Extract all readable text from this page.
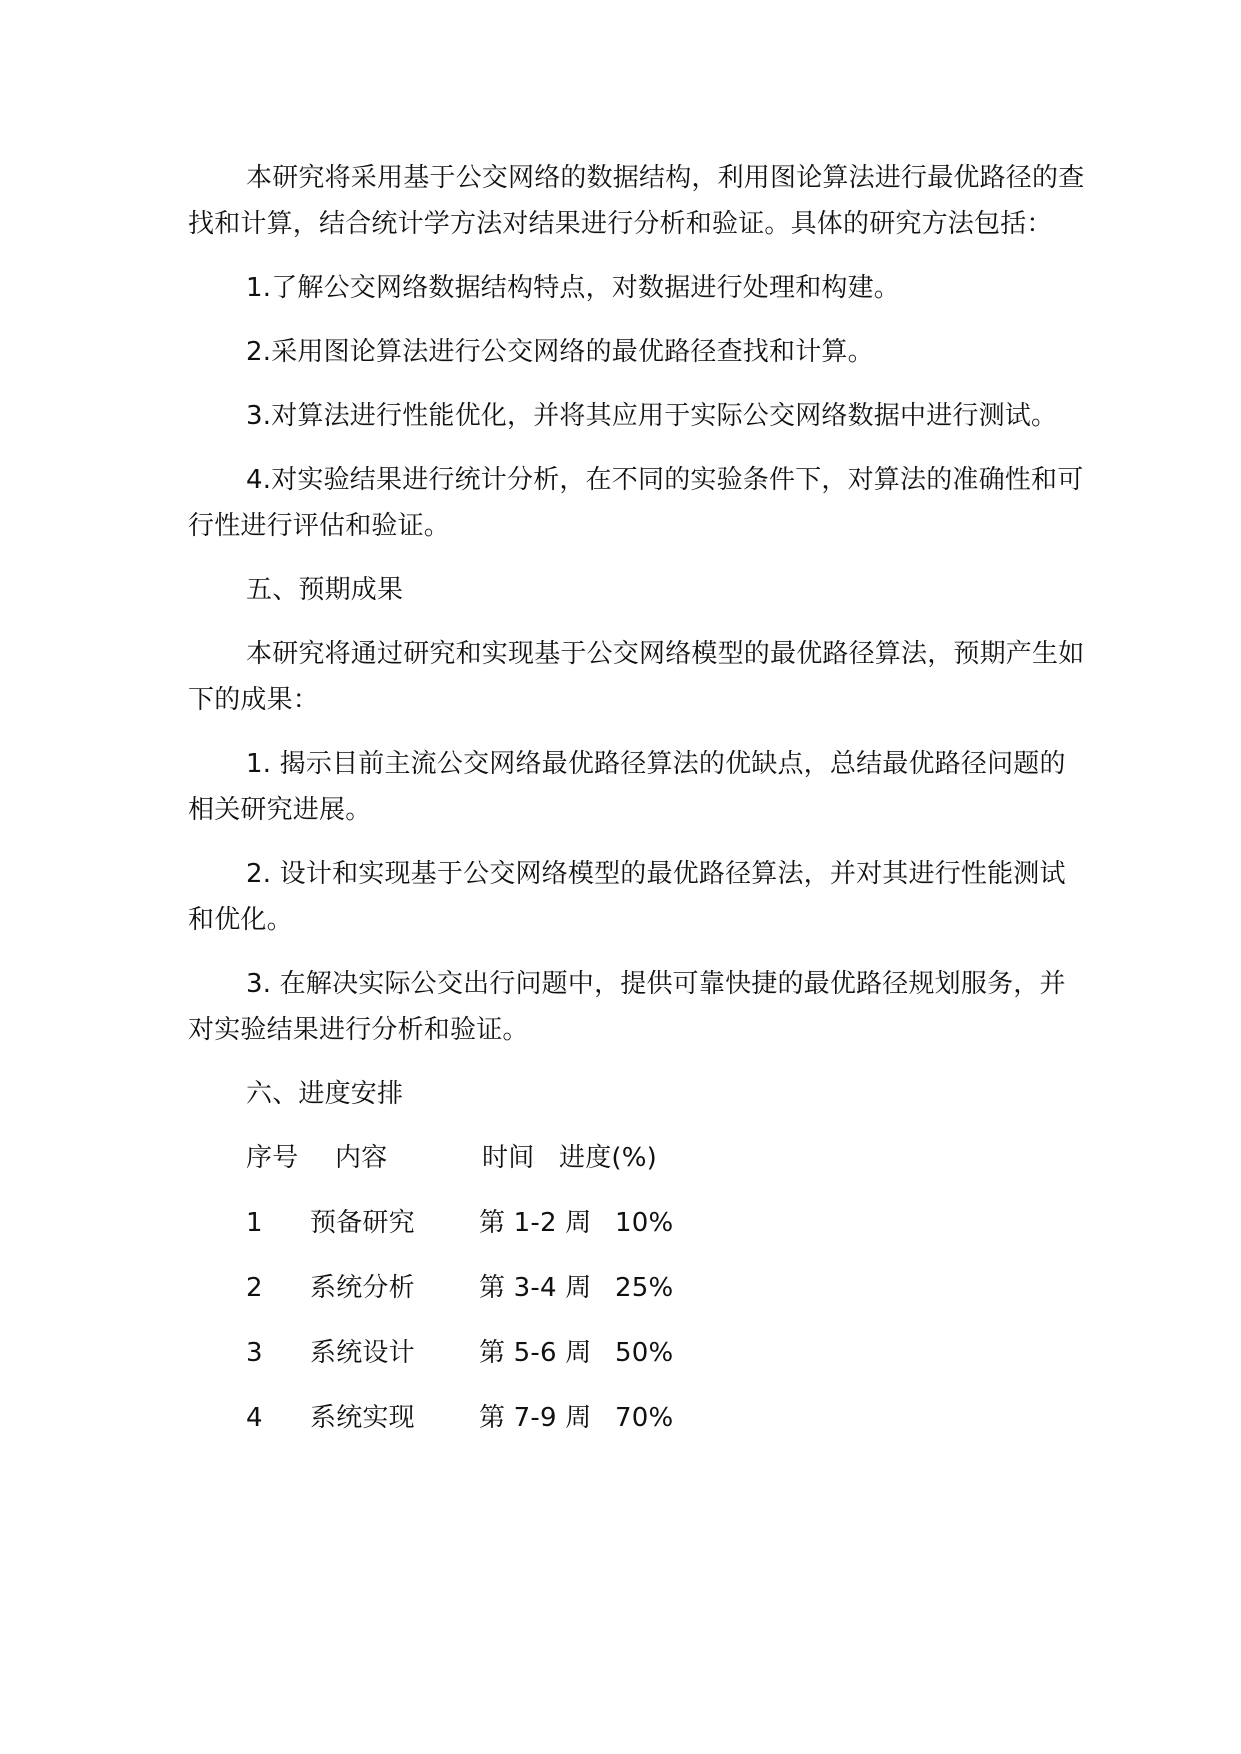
本研究将采用基于公交网络的数据结构，利用图论算法进行最优路径的查找和计算，结合统计学方法对结果进行分析和验证。具体的研究方法包括：

1.了解公交网络数据结构特点，对数据进行处理和构建。

2.采用图论算法进行公交网络的最优路径查找和计算。

3.对算法进行性能优化，并将其应用于实际公交网络数据中进行测试。

4.对实验结果进行统计分析，在不同的实验条件下，对算法的准确性和可行性进行评估和验证。

五、预期成果

本研究将通过研究和实现基于公交网络模型的最优路径算法，预期产生如下的成果：

1. 揭示目前主流公交网络最优路径算法的优缺点，总结最优路径问题的相关研究进展。

2. 设计和实现基于公交网络模型的最优路径算法，并对其进行性能测试和优化。

3. 在解决实际公交出行问题中，提供可靠快捷的最优路径规划服务，并对实验结果进行分析和验证。

六、进度安排

序号 内容	时间 进度(%)
1 预备研究 第 1-2 周 10%
2 系统分析 第 3-4 周 25%
3 系统设计 第 5-6 周 50%
4 系统实现 第 7-9 周 70%
